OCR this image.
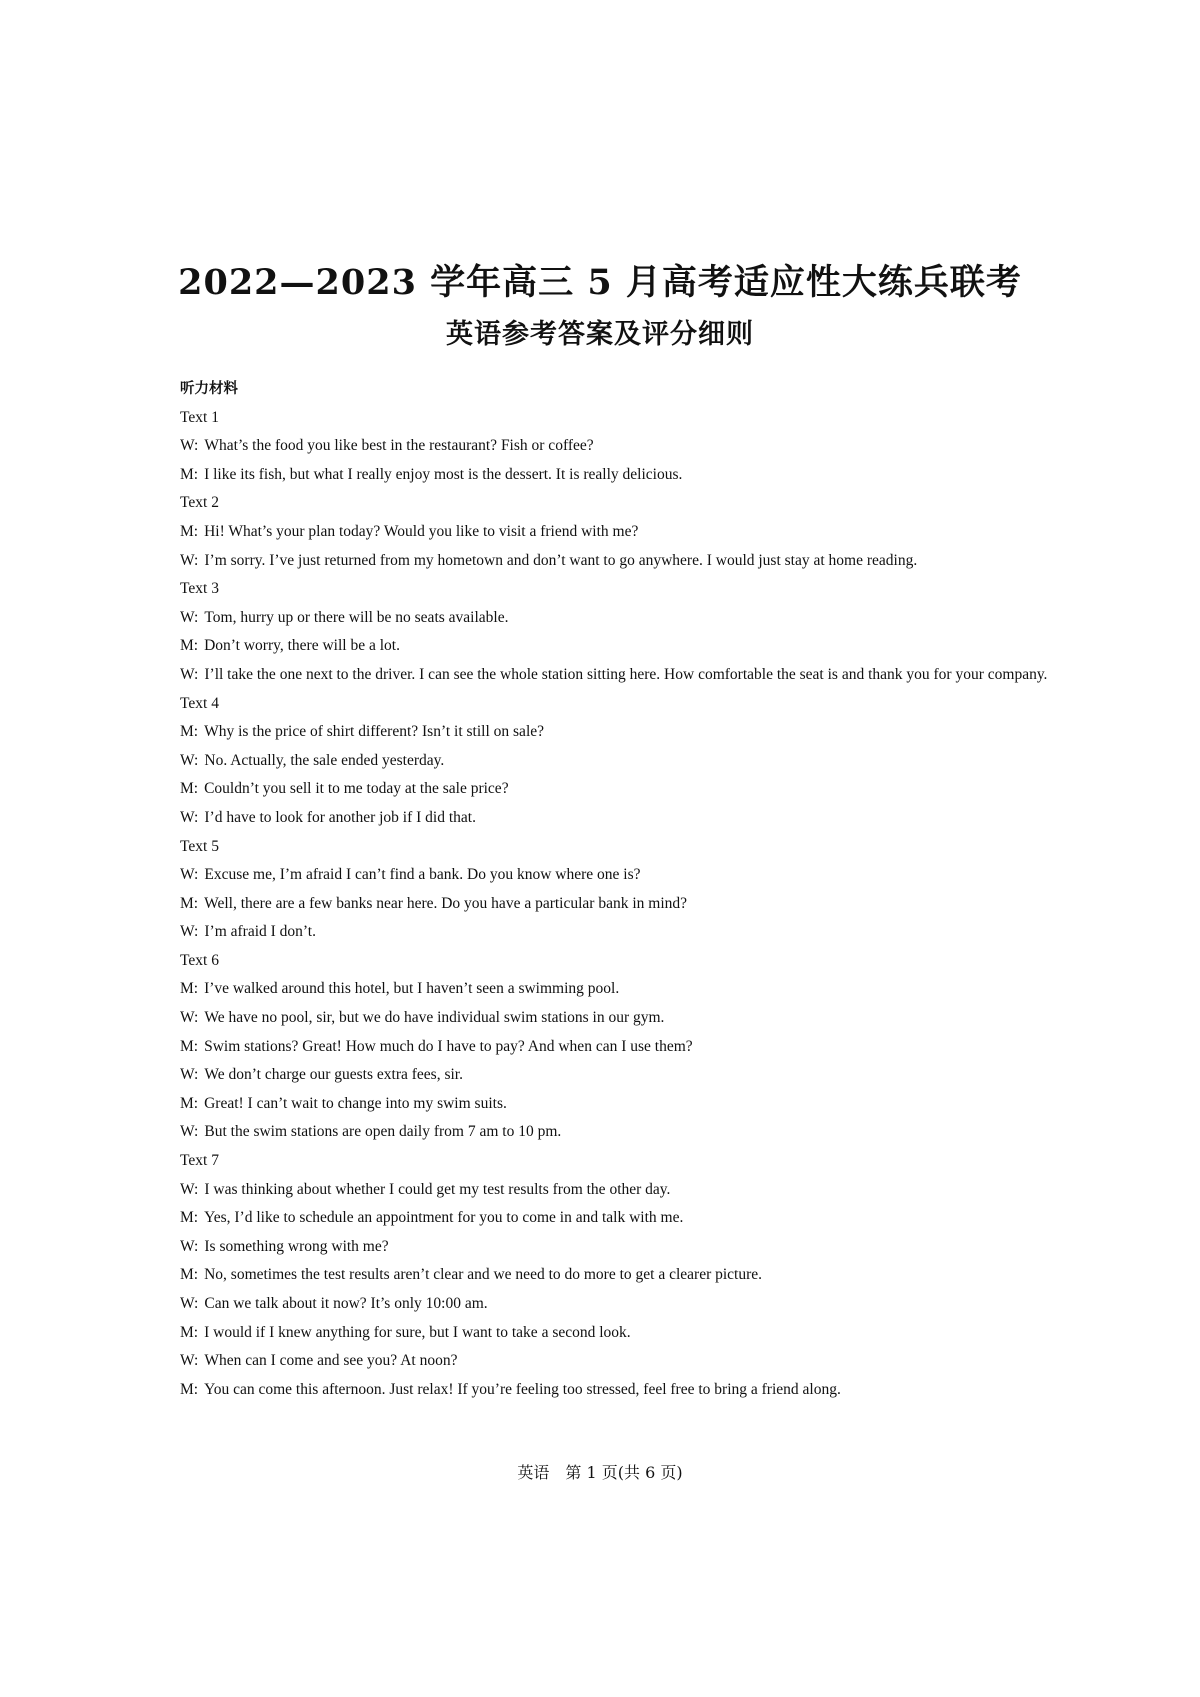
2022—2023 学年高三 5 月高考适应性大练兵联考
英语参考答案及评分细则
听力材料
Text 1
W: What’s the food you like best in the restaurant? Fish or coffee?
M: I like its fish, but what I really enjoy most is the dessert. It is really delicious.
Text 2
M: Hi! What’s your plan today? Would you like to visit a friend with me?
W: I’m sorry. I’ve just returned from my hometown and don’t want to go anywhere. I would just stay at home reading.
Text 3
W: Tom, hurry up or there will be no seats available.
M: Don’t worry, there will be a lot.
W: I’ll take the one next to the driver. I can see the whole station sitting here. How comfortable the seat is and thank you for your company.
Text 4
M: Why is the price of shirt different? Isn’t it still on sale?
W: No. Actually, the sale ended yesterday.
M: Couldn’t you sell it to me today at the sale price?
W: I’d have to look for another job if I did that.
Text 5
W: Excuse me, I’m afraid I can’t find a bank. Do you know where one is?
M: Well, there are a few banks near here. Do you have a particular bank in mind?
W: I’m afraid I don’t.
Text 6
M: I’ve walked around this hotel, but I haven’t seen a swimming pool.
W: We have no pool, sir, but we do have individual swim stations in our gym.
M: Swim stations? Great! How much do I have to pay? And when can I use them?
W: We don’t charge our guests extra fees, sir.
M: Great! I can’t wait to change into my swim suits.
W: But the swim stations are open daily from 7 am to 10 pm.
Text 7
W: I was thinking about whether I could get my test results from the other day.
M: Yes, I’d like to schedule an appointment for you to come in and talk with me.
W: Is something wrong with me?
M: No, sometimes the test results aren’t clear and we need to do more to get a clearer picture.
W: Can we talk about it now? It’s only 10:00 am.
M: I would if I knew anything for sure, but I want to take a second look.
W: When can I come and see you? At noon?
M: You can come this afternoon. Just relax! If you’re feeling too stressed, feel free to bring a friend along.
英语　第 1 页(共 6 页)
